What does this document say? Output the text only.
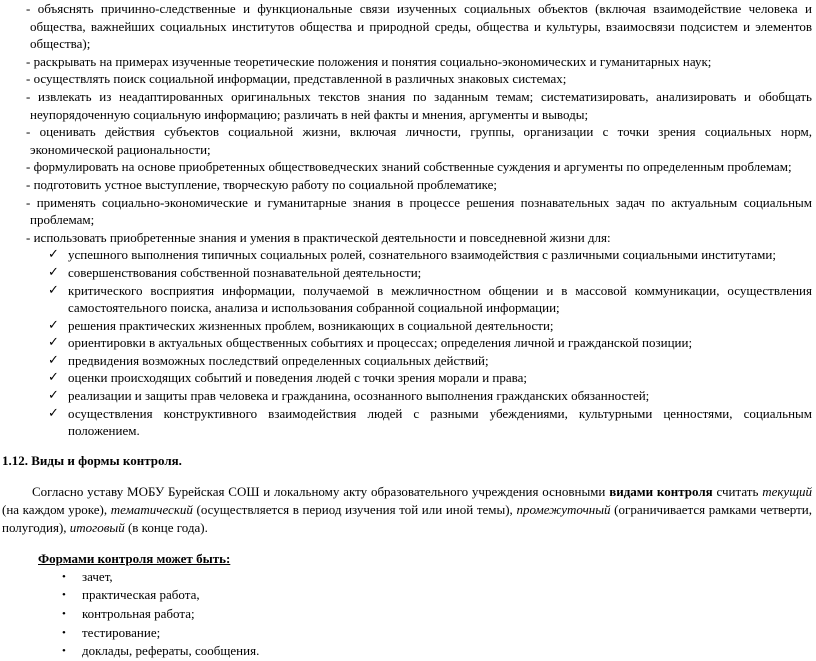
- объяснять причинно-следственные и функциональные связи изученных социальных объектов (включая взаимодействие человека и общества, важнейших социальных институтов общества и природной среды, общества и культуры, взаимосвязи подсистем и элементов общества);

- раскрывать на примерах изученные теоретические положения и понятия социально-экономических и гуманитарных наук;

- осуществлять поиск социальной информации, представленной в различных знаковых системах;

- извлекать из неадаптированных оригинальных текстов знания по заданным темам; систематизировать, анализировать и обобщать неупорядоченную социальную информацию; различать в ней факты и мнения, аргументы и выводы;

- оценивать действия субъектов социальной жизни, включая личности, группы, организации с точки зрения социальных норм, экономической рациональности;

- формулировать на основе приобретенных обществоведческих знаний собственные суждения и аргументы по определенным проблемам;

- подготовить устное выступление, творческую работу по социальной проблематике;

- применять социально-экономические и гуманитарные знания в процессе решения познавательных задач по актуальным социальным проблемам;

- использовать приобретенные знания и умения в практической деятельности и повседневной жизни для:

✓ успешного выполнения типичных социальных ролей, сознательного взаимодействия с различными социальными институтами;
✓ совершенствования собственной познавательной деятельности;
✓ критического восприятия информации, получаемой в межличностном общении и в массовой коммуникации, осуществления самостоятельного поиска, анализа и использования собранной социальной информации;
✓ решения практических жизненных проблем, возникающих в социальной деятельности;
✓ ориентировки в актуальных общественных событиях и процессах; определения личной и гражданской позиции;
✓ предвидения возможных последствий определенных социальных действий;
✓ оценки происходящих событий и поведения людей с точки зрения морали и права;
✓ реализации и защиты прав человека и гражданина, осознанного выполнения гражданских обязанностей;
✓ осуществления конструктивного взаимодействия людей с разными убеждениями, культурными ценностями, социальным положением.

1.12. Виды и формы контроля.

Согласно уставу МОБУ Бурейская СОШ и локальному акту образовательного учреждения основными видами контроля считать текущий (на каждом уроке), тематический (осуществляется в период изучения той или иной темы), промежуточный (ограничивается рамками четверти, полугодия), итоговый (в конце года).

Формами контроля может быть:

• зачет,
• практическая работа,
• контрольная работа;
• тестирование;
• доклады, рефераты, сообщения.
